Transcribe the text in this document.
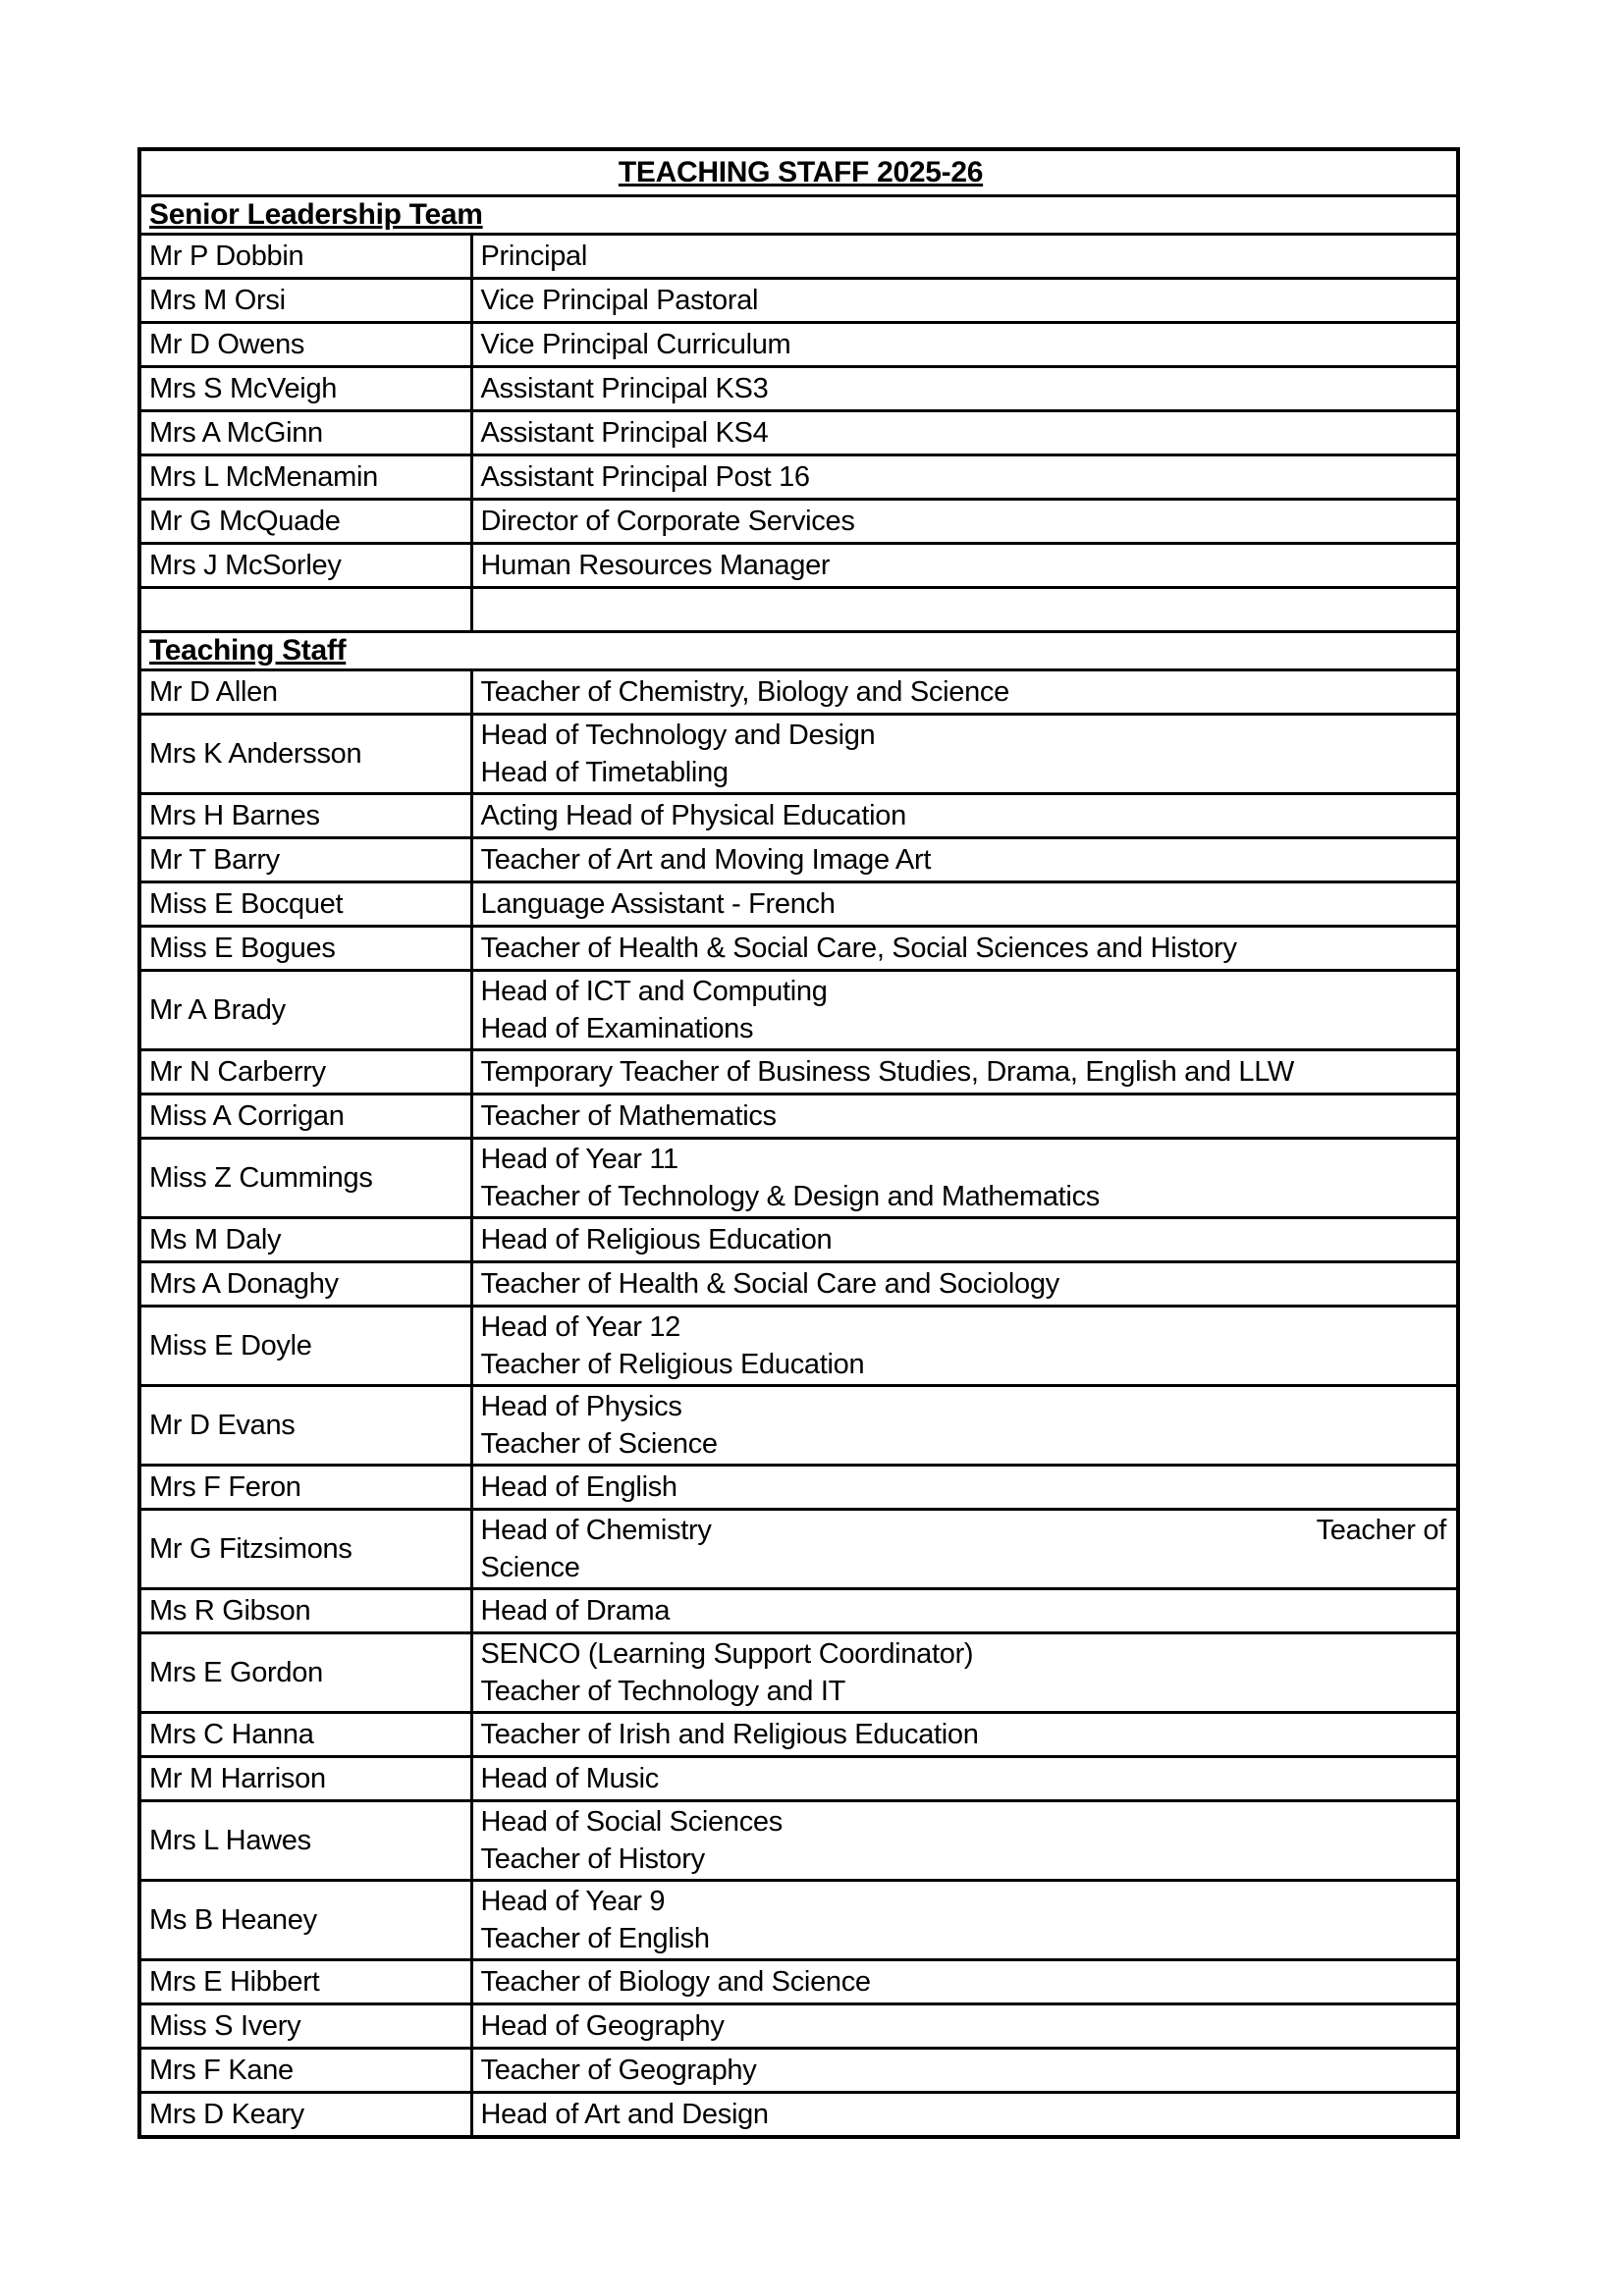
TEACHING STAFF 2025-26	
Senior Leadership Team	
Mr P Dobbin	Principal

Mrs M Orsi	Vice Principal Pastoral

Mr D Owens	Vice Principal Curriculum

Mrs S McVeigh	Assistant Principal KS3

Mrs A McGinn	Assistant Principal KS4

Mrs L McMenamin	Assistant Principal Post 16

Mr G McQuade	Director of Corporate Services

Mrs J McSorley	Human Resources Manager

Teaching Staff	
Mr D Allen	Teacher of Chemistry, Biology and Science

Mrs K Andersson	Head of Technology and Design
Head of Timetabling

Mrs H Barnes	Acting Head of Physical Education

Mr T Barry	Teacher of Art and Moving Image Art

Miss E Bocquet	Language Assistant - French

Miss E Bogues	Teacher of Health & Social Care, Social Sciences and History

Mr A Brady	Head of ICT and Computing
Head of Examinations

Mr N Carberry	Temporary Teacher of Business Studies, Drama, English and LLW

Miss A Corrigan	Teacher of Mathematics

Miss Z Cummings	Head of Year 11
Teacher of Technology & Design and Mathematics

Ms M Daly	Head of Religious Education

Mrs A Donaghy	Teacher of Health & Social Care and Sociology

Miss E Doyle	Head of Year 12
Teacher of Religious Education

Mr D Evans	Head of Physics
Teacher of Science

Mrs F Feron	Head of English

Mr G Fitzsimons	Head of Chemistry Teacher of
Science

Ms R Gibson	Head of Drama

Mrs E Gordon	SENCO (Learning Support Coordinator)
Teacher of Technology and IT

Mrs C Hanna	Teacher of Irish and Religious Education

Mr M Harrison	Head of Music

Mrs L Hawes	Head of Social Sciences
Teacher of History

Ms B Heaney	Head of Year 9
Teacher of English

Mrs E Hibbert	Teacher of Biology and Science

Miss S Ivery	Head of Geography

Mrs F Kane	Teacher of Geography

Mrs D Keary	Head of Art and Design
